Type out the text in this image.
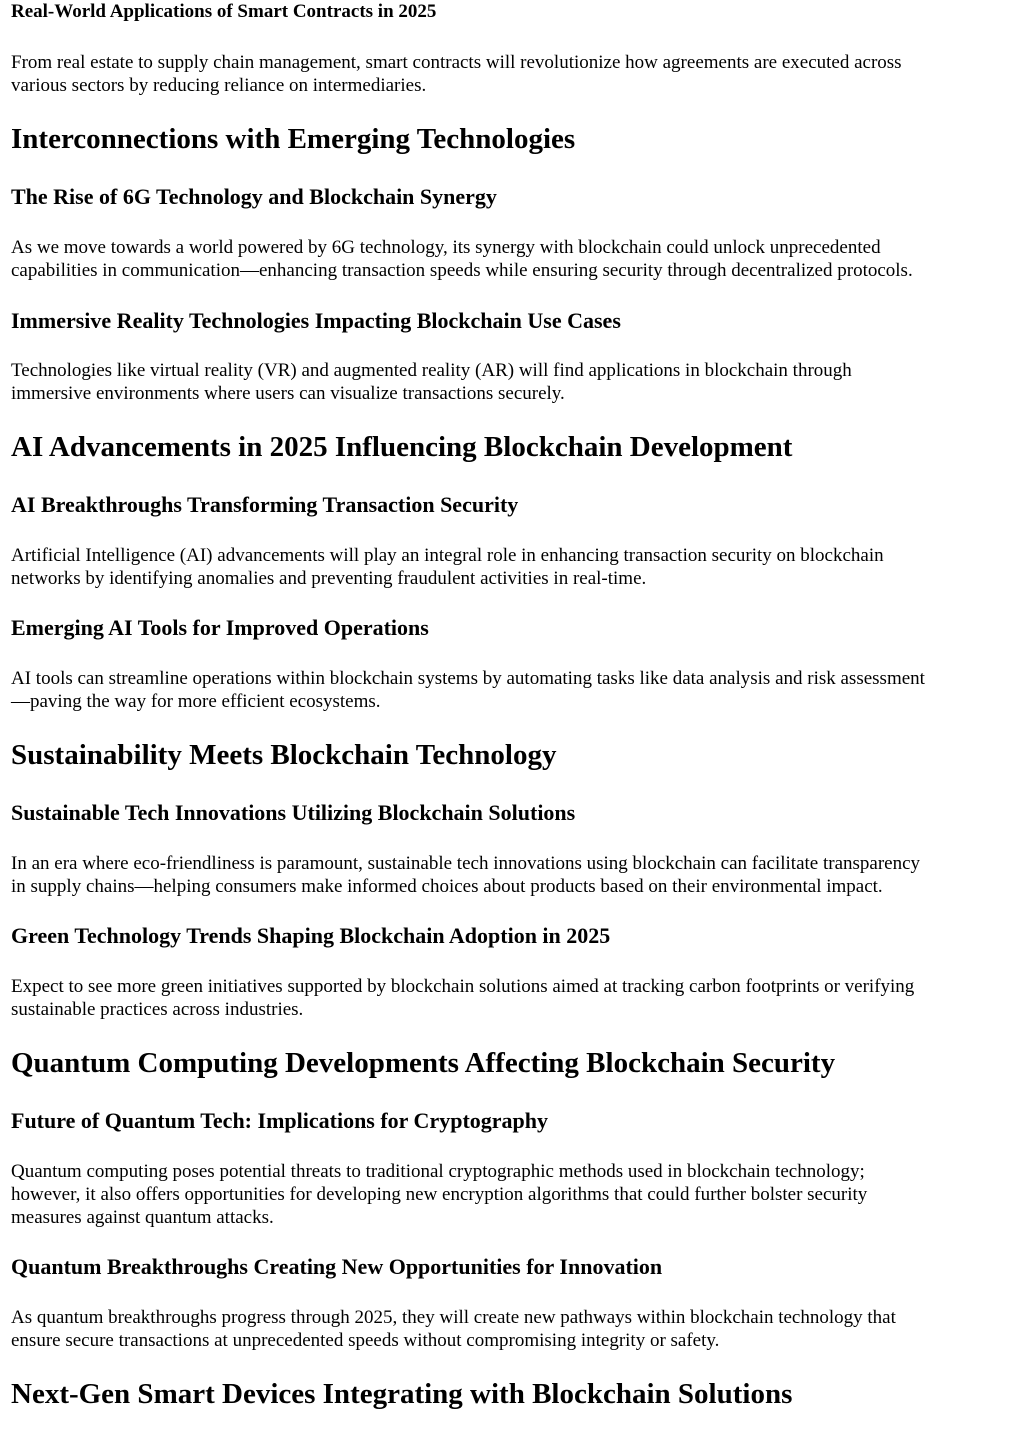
Real-World Applications of Smart Contracts in 2025

From real estate to supply chain management, smart contracts will revolutionize how agreements are executed across
various sectors by reducing reliance on intermediaries.

Interconnections with Emerging Technologies
The Rise of 6G Technology and Blockchain Synergy

As we move towards a world powered by 6G technology, its synergy with blockchain could unlock unprecedented
capabilities in communication—enhancing transaction speeds while ensuring security through decentralized protocols.

Immersive Reality Technologies Impacting Blockchain Use Cases

Technologies like virtual reality (VR) and augmented reality (AR) will find applications in blockchain through
immersive environments where users can visualize transactions securely.

AI Advancements in 2025 Influencing Blockchain Development
AI Breakthroughs Transforming Transaction Security

Artificial Intelligence (AI) advancements will play an integral role in enhancing transaction security on blockchain
networks by identifying anomalies and preventing fraudulent activities in real-time.

Emerging AI Tools for Improved Operations

AI tools can streamline operations within blockchain systems by automating tasks like data analysis and risk assessment
—paving the way for more efficient ecosystems.

Sustainability Meets Blockchain Technology
Sustainable Tech Innovations Utilizing Blockchain Solutions

In an era where eco-friendliness is paramount, sustainable tech innovations using blockchain can facilitate transparency
in supply chains—helping consumers make informed choices about products based on their environmental impact.

Green Technology Trends Shaping Blockchain Adoption in 2025

Expect to see more green initiatives supported by blockchain solutions aimed at tracking carbon footprints or verifying
sustainable practices across industries.

Quantum Computing Developments Affecting Blockchain Security
Future of Quantum Tech: Implications for Cryptography

Quantum computing poses potential threats to traditional cryptographic methods used in blockchain technology;
however, it also offers opportunities for developing new encryption algorithms that could further bolster security
measures against quantum attacks.

Quantum Breakthroughs Creating New Opportunities for Innovation

As quantum breakthroughs progress through 2025, they will create new pathways within blockchain technology that
ensure secure transactions at unprecedented speeds without compromising integrity or safety.

Next-Gen Smart Devices Integrating with Blockchain Solutions
